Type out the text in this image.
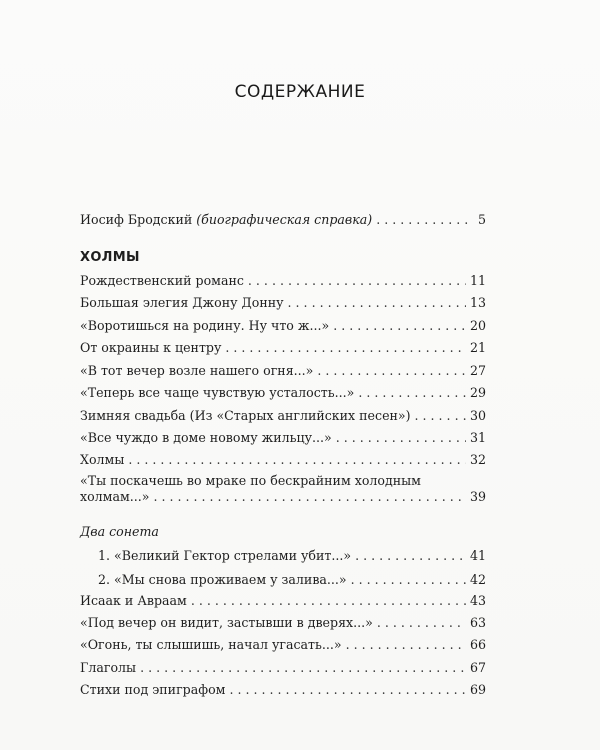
СОДЕРЖАНИЕ
Иосиф Бродский (биографическая справка) . . .	5
ХОЛМЫ
Рождественский романс . . .	11
Большая элегия Джону Донну . . .	13
«Воротишься на родину. Ну что ж...» . . .	20
От окраины к центру . . .	21
«В тот вечер возле нашего огня...» . . .	27
«Теперь все чаще чувствую усталость...» . . .	29
Зимняя свадьба (Из «Старых английских песен») . . .	30
«Все чуждо в доме новому жильцу...» . . .	31
Холмы . . .	32
«Ты поскачешь во мраке по бескрайним холодным
холмам...» . . .	39
Два сонета
1. «Великий Гектор стрелами убит...» . . .	41
2. «Мы снова проживаем у залива...» . . .	42
Исаак и Авраам . . .	43
«Под вечер он видит, застывши в дверях...» . . .	63
«Огонь, ты слышишь, начал угасать...» . . .	66
Глаголы . . .	67
Стихи под эпиграфом . . .	69
